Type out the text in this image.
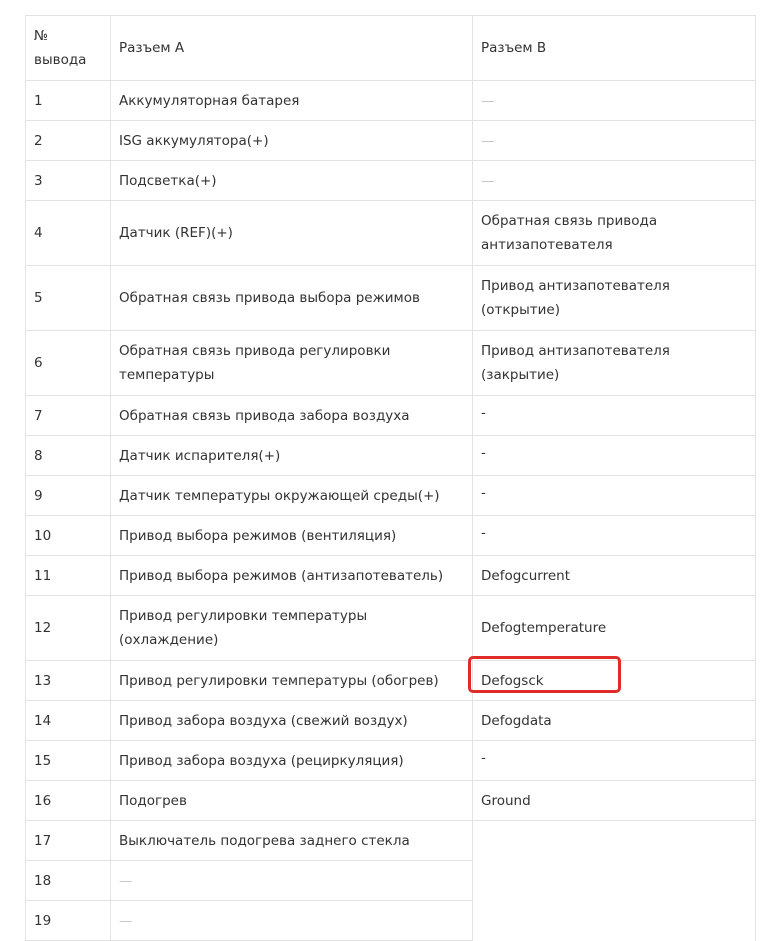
№ вывода	Разъем А	Разъем В
1	Аккумуляторная батарея	—
2	ISG аккумулятора(+)	—
3	Подсветка(+)	—
4	Датчик (REF)(+)	Обратная связь привода антизапотевателя
5	Обратная связь привода выбора режимов	Привод антизапотевателя (открытие)
6	Обратная связь привода регулировки температуры	Привод антизапотевателя (закрытие)
7	Обратная связь привода забора воздуха	-
8	Датчик испарителя(+)	-
9	Датчик температуры окружающей среды(+)	-
10	Привод выбора режимов (вентиляция)	-
11	Привод выбора режимов (антизапотеватель)	Defogcurrent
12	Привод регулировки температуры (охлаждение)	Defogtemperature
13	Привод регулировки температуры (обогрев)	Defogsck
14	Привод забора воздуха (свежий воздух)	Defogdata
15	Привод забора воздуха (рециркуляция)	-
16	Подогрев	Ground
17	Выключатель подогрева заднего стекла	
18	—	
19	—	
